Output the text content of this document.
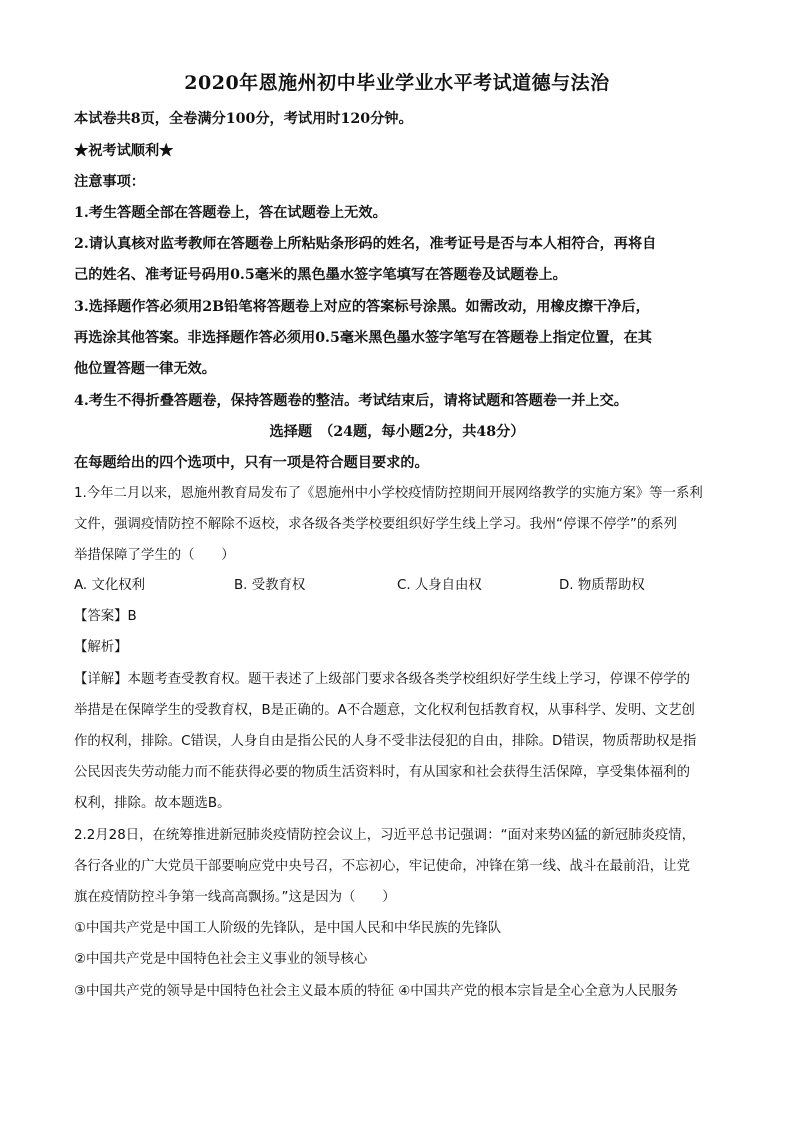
2020年恩施州初中毕业学业水平考试道德与法治

本试卷共8页，全卷满分100分，考试用时120分钟。

★祝考试顺利★

注意事项：

1.考生答题全部在答题卷上，答在试题卷上无效。

2.请认真核对监考教师在答题卷上所粘贴条形码的姓名，准考证号是否与本人相符合，再将自

己的姓名、准考证号码用0.5毫米的黑色墨水签字笔填写在答题卷及试题卷上。

3.选择题作答必须用2B铅笔将答题卷上对应的答案标号涂黑。如需改动，用橡皮擦干净后，

再选涂其他答案。非选择题作答必须用0.5毫米黑色墨水签字笔写在答题卷上指定位置，在其

他位置答题一律无效。

4.考生不得折叠答题卷，保持答题卷的整洁。考试结束后，请将试题和答题卷一并上交。

选择题　（24题，每小题2分，共48分）

在每题给出的四个选项中，只有一项是符合题目要求的。

1.今年二月以来，恩施州教育局发布了《恩施州中小学校疫情防控期间开展网络教学的实施方案》等一系利

文件，强调疫情防控不解除不返校，求各级各类学校要组织好学生线上学习。我州“停课不停学”的系列

举措保障了学生的（　　）

A. 文化权利	B. 受教育权	C. 人身自由权	D. 物质帮助权

【答案】B

【解析】

【详解】本题考查受教育权。题干表述了上级部门要求各级各类学校组织好学生线上学习，停课不停学的

举措是在保障学生的受教育权，B是正确的。A不合题意，文化权利包括教育权，从事科学、发明、文艺创

作的权利，排除。C错误，人身自由是指公民的人身不受非法侵犯的自由，排除。D错误，物质帮助权是指

公民因丧失劳动能力而不能获得必要的物质生活资料时，有从国家和社会获得生活保障，享受集体福利的

权利，排除。故本题选B。

2.2月28日，在统筹推进新冠肺炎疫情防控会议上，习近平总书记强调：“面对来势凶猛的新冠肺炎疫情，

各行各业的广大党员干部要响应党中央号召，不忘初心，牢记使命，冲锋在第一线、战斗在最前沿，让党

旗在疫情防控斗争第一线高高飘扬。”这是因为（　　）

①中国共产党是中国工人阶级的先锋队，是中国人民和中华民族的先锋队

②中国共产党是中国特色社会主义事业的领导核心

③中国共产党的领导是中国特色社会主义最本质的特征 ④中国共产党的根本宗旨是全心全意为人民服务
